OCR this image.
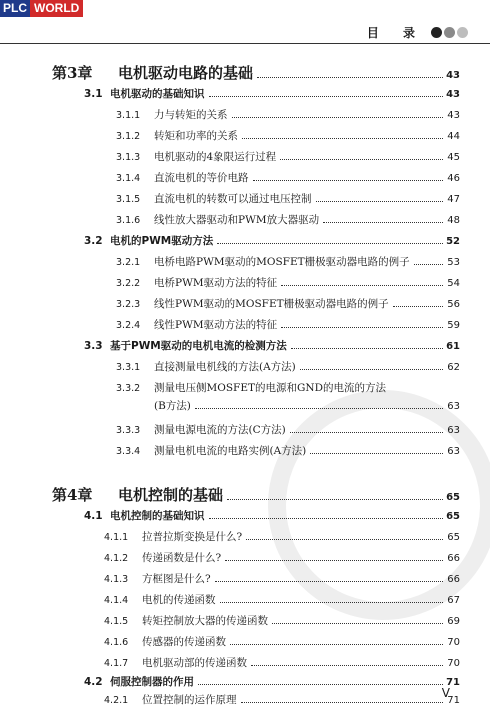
PLC WORLD
目 录
第3章	电机驱动电路的基础	43
3.1 电机驱动的基础知识	43
3.1.1	力与转矩的关系	43
3.1.2	转矩和功率的关系	44
3.1.3	电机驱动的4象限运行过程	45
3.1.4	直流电机的等价电路	46
3.1.5	直流电机的转数可以通过电压控制	47
3.1.6	线性放大器驱动和PWM放大器驱动	48
3.2 电机的PWM驱动方法	52
3.2.1	电桥电路PWM驱动的MOSFET栅极驱动器电路的例子	53
3.2.2	电桥PWM驱动方法的特征	54
3.2.3	线性PWM驱动的MOSFET栅极驱动器电路的例子	56
3.2.4	线性PWM驱动方法的特征	59
3.3 基于PWM驱动的电机电流的检测方法	61
3.3.1	直接测量电机线的方法(A方法)	62
3.3.2	测量电压侧MOSFET的电源和GND的电流的方法
(B方法)	63
3.3.3	测量电源电流的方法(C方法)	63
3.3.4	测量电机电流的电路实例(A方法)	63
第4章	电机控制的基础	65
4.1 电机控制的基础知识	65
4.1.1	拉普拉斯变换是什么?	65
4.1.2	传递函数是什么?	66
4.1.3	方框图是什么?	66
4.1.4	电机的传递函数	67
4.1.5	转矩控制放大器的传递函数	69
4.1.6	传感器的传递函数	70
4.1.7	电机驱动部的传递函数	70
4.2 伺服控制器的作用	71
4.2.1	位置控制的运作原理	71
V
